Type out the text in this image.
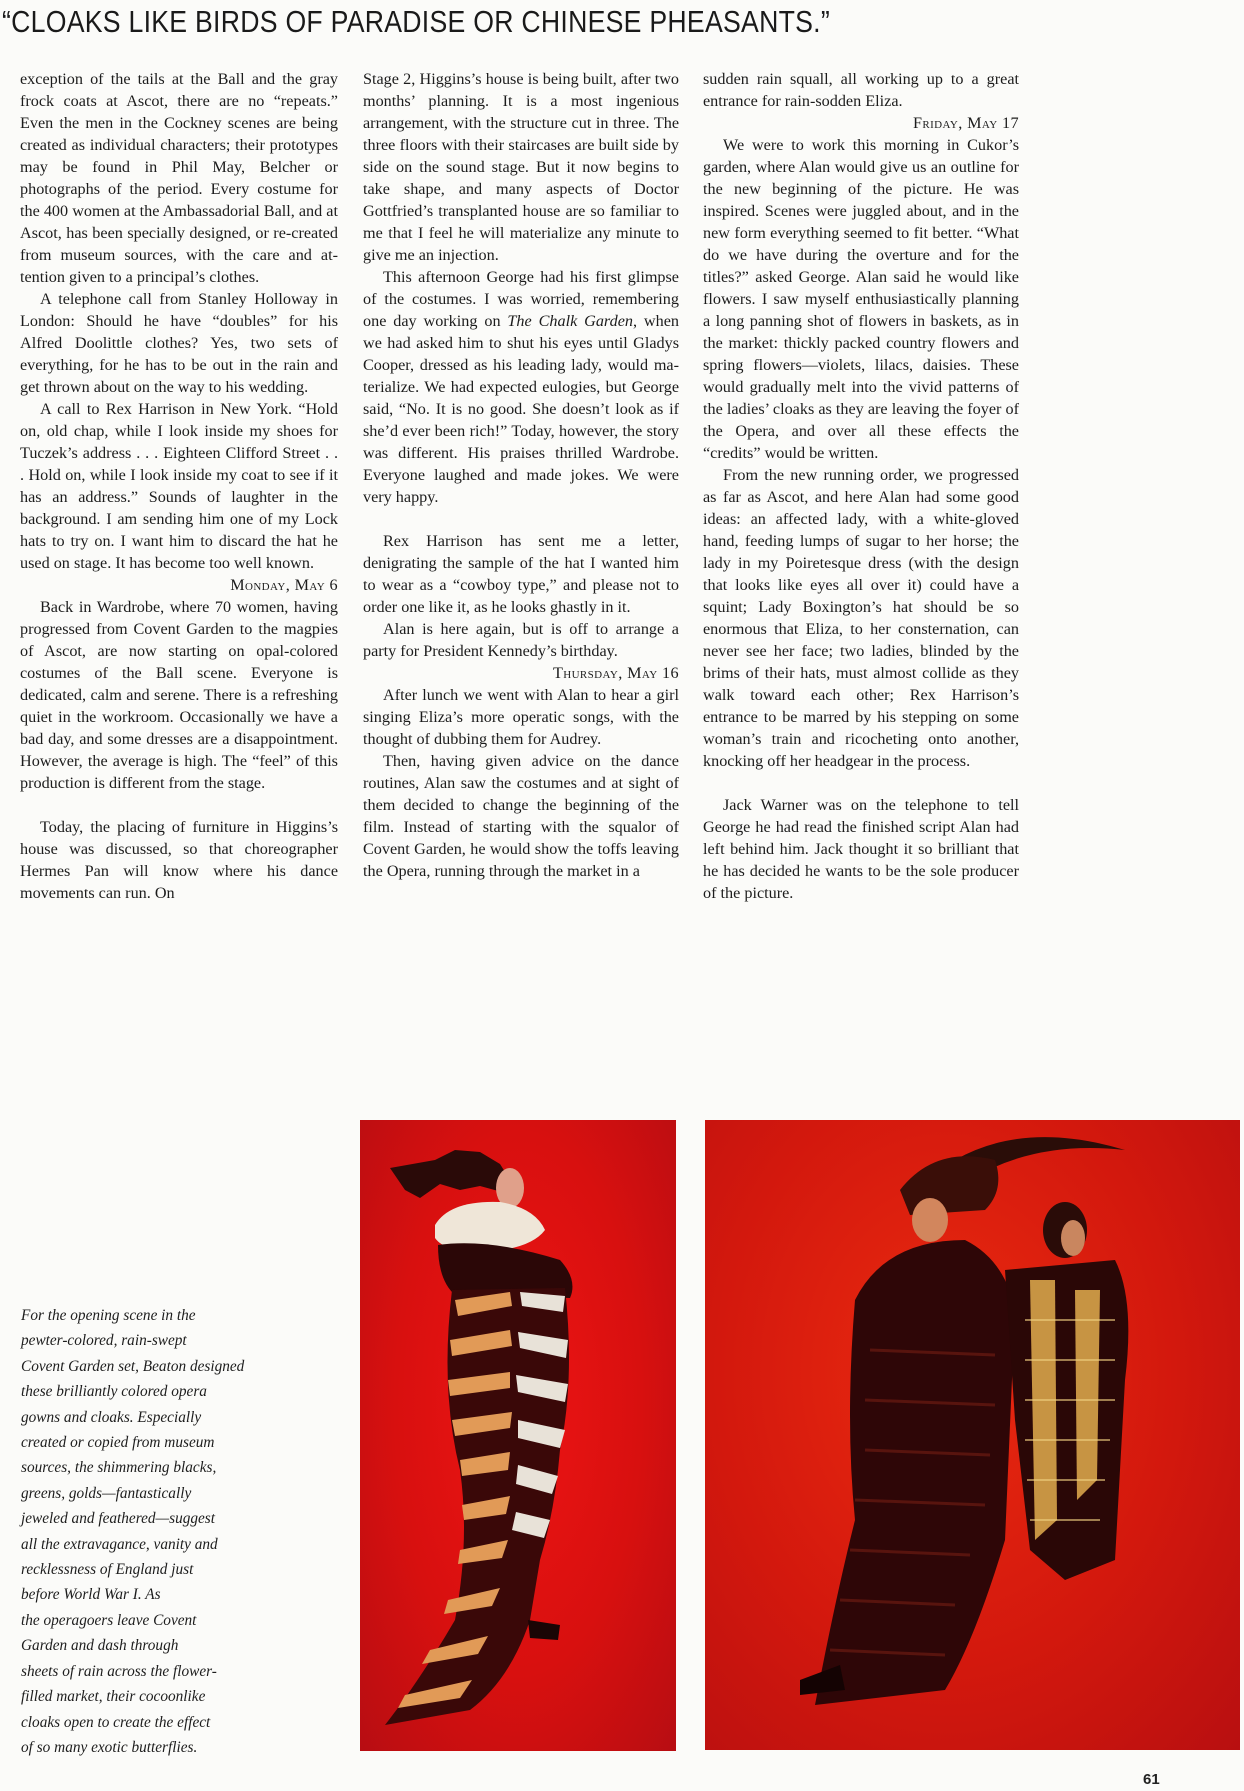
“CLOAKS LIKE BIRDS OF PARADISE OR CHINESE PHEASANTS.”

exception of the tails at the Ball and the gray frock coats at Ascot, there are no “repeats.” Even the men in the Cockney scenes are being created as individual characters; their prototypes may be found in Phil May, Belcher or photographs of the period. Every costume for the 400 women at the Ambassadorial Ball, and at Ascot, has been specially designed, or re-created from museum sources, with the care and attention given to a principal’s clothes.

A telephone call from Stanley Holloway in London: Should he have “doubles” for his Alfred Doolittle clothes? Yes, two sets of everything, for he has to be out in the rain and get thrown about on the way to his wedding.

A call to Rex Harrison in New York. “Hold on, old chap, while I look inside my shoes for Tuczek’s address . . . Eighteen Clifford Street . . . Hold on, while I look inside my coat to see if it has an address.” Sounds of laughter in the background. I am sending him one of my Lock hats to try on. I want him to discard the hat he used on stage. It has become too well known.

Monday, May 6

Back in Wardrobe, where 70 women, having progressed from Covent Garden to the magpies of Ascot, are now starting on opal-colored costumes of the Ball scene. Everyone is dedicated, calm and serene. There is a refreshing quiet in the workroom. Occasionally we have a bad day, and some dresses are a disappointment. However, the average is high. The “feel” of this production is different from the stage.

Today, the placing of furniture in Higgins’s house was discussed, so that choreographer Hermes Pan will know where his dance movements can run. On

Stage 2, Higgins’s house is being built, after two months’ planning. It is a most ingenious arrangement, with the structure cut in three. The three floors with their staircases are built side by side on the sound stage. But it now begins to take shape, and many aspects of Doctor Gottfried’s transplanted house are so familiar to me that I feel he will materialize any minute to give me an injection.

This afternoon George had his first glimpse of the costumes. I was worried, remembering one day working on The Chalk Garden, when we had asked him to shut his eyes until Gladys Cooper, dressed as his leading lady, would materialize. We had expected eulogies, but George said, “No. It is no good. She doesn’t look as if she’d ever been rich!” Today, however, the story was different. His praises thrilled Wardrobe. Everyone laughed and made jokes. We were very happy.

Rex Harrison has sent me a letter, denigrating the sample of the hat I wanted him to wear as a “cowboy type,” and please not to order one like it, as he looks ghastly in it.

Alan is here again, but is off to arrange a party for President Kennedy’s birthday.

Thursday, May 16

After lunch we went with Alan to hear a girl singing Eliza’s more operatic songs, with the thought of dubbing them for Audrey.

Then, having given advice on the dance routines, Alan saw the costumes and at sight of them decided to change the beginning of the film. Instead of starting with the squalor of Covent Garden, he would show the toffs leaving the Opera, running through the market in a

sudden rain squall, all working up to a great entrance for rain-sodden Eliza.

Friday, May 17

We were to work this morning in Cukor’s garden, where Alan would give us an outline for the new beginning of the picture. He was inspired. Scenes were juggled about, and in the new form everything seemed to fit better. “What do we have during the overture and for the titles?” asked George. Alan said he would like flowers. I saw myself enthusiastically planning a long panning shot of flowers in baskets, as in the market: thickly packed country flowers and spring flowers—violets, lilacs, daisies. These would gradually melt into the vivid patterns of the ladies’ cloaks as they are leaving the foyer of the Opera, and over all these effects the “credits” would be written.

From the new running order, we progressed as far as Ascot, and here Alan had some good ideas: an affected lady, with a white-gloved hand, feeding lumps of sugar to her horse; the lady in my Poiretesque dress (with the design that looks like eyes all over it) could have a squint; Lady Boxington’s hat should be so enormous that Eliza, to her consternation, can never see her face; two ladies, blinded by the brims of their hats, must almost collide as they walk toward each other; Rex Harrison’s entrance to be marred by his stepping on some woman’s train and ricocheting onto another, knocking off her headgear in the process.

Jack Warner was on the telephone to tell George he had read the finished script Alan had left behind him. Jack thought it so brilliant that he has decided he wants to be the sole producer of the picture.

For the opening scene in the
pewter-colored, rain-swept
Covent Garden set, Beaton designed
these brilliantly colored opera
gowns and cloaks. Especially
created or copied from museum
sources, the shimmering blacks,
greens, golds—fantastically
jeweled and feathered—suggest
all the extravagance, vanity and
recklessness of England just
before World War I. As
the operagoers leave Covent
Garden and dash through
sheets of rain across the flower-
filled market, their cocoonlike
cloaks open to create the effect
of so many exotic butterflies.
61
